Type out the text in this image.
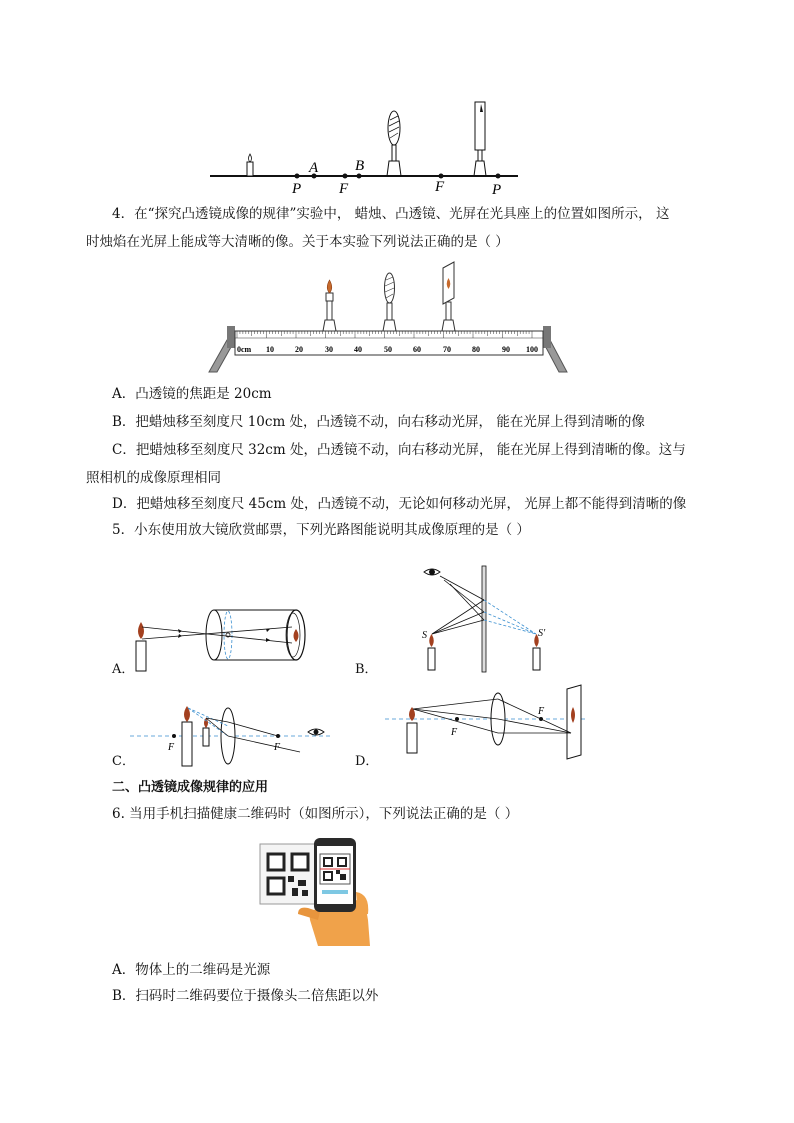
A B
P	F	F	P
4．在“探究凸透镜成像的规律”实验中， 蜡烛、凸透镜、光屏在光具座上的位置如图所示， 这
时烛焰在光屏上能成等大清晰的像。关于本实验下列说法正确的是（ ）
0cm 10	20	30	40	50	60	70	80	90 100
A．凸透镜的焦距是 20cm
B．把蜡烛移至刻度尺 10cm 处，凸透镜不动，向右移动光屏， 能在光屏上得到清晰的像
C．把蜡烛移至刻度尺 32cm 处，凸透镜不动，向右移动光屏， 能在光屏上得到清晰的像。这与
照相机的成像原理相同
D．把蜡烛移至刻度尺 45cm 处，凸透镜不动，无论如何移动光屏， 光屏上都不能得到清晰的像
5．小东使用放大镜欣赏邮票，下列光路图能说明其成像原理的是（ ）
A．
S	S′
B．
F	F
C．
F
F
D．
二、凸透镜成像规律的应用
6. 当用手机扫描健康二维码时（如图所示），下列说法正确的是（ ）
A．物体上的二维码是光源
B．扫码时二维码要位于摄像头二倍焦距以外
